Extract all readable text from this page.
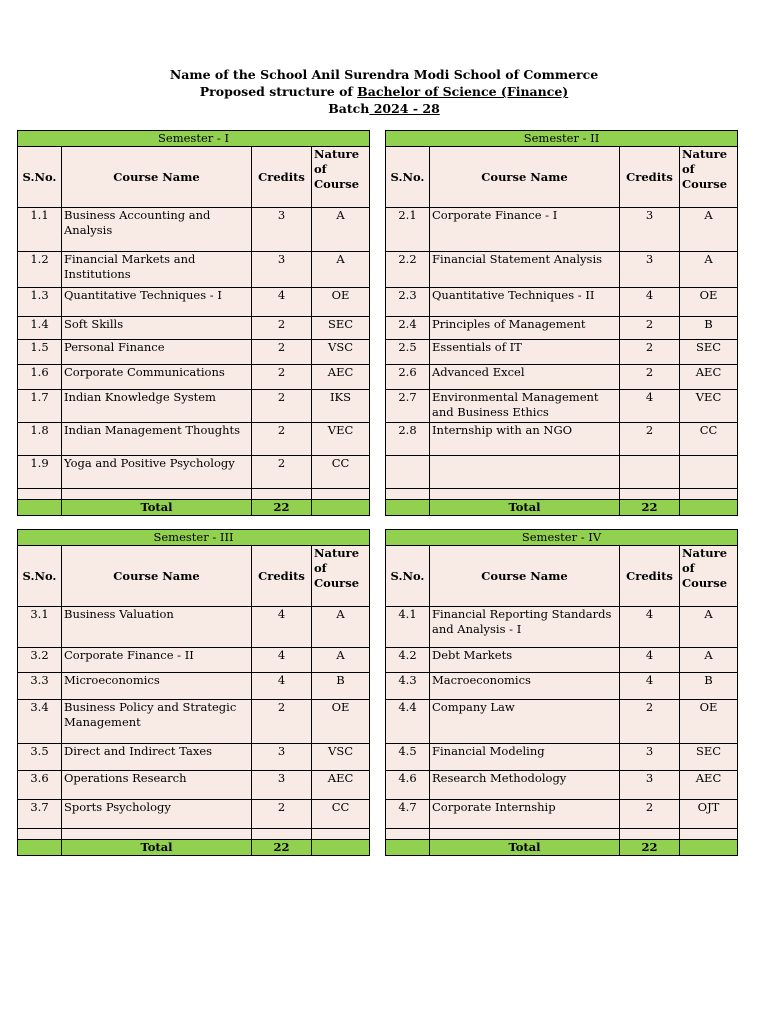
Name of the School Anil Surendra Modi School of Commerce
Proposed structure of Bachelor of Science (Finance)
Batch 2024 - 28
Semester - I			
S.No.	Course Name	Credits	Nature of Course
1.1	Business Accounting and Analysis	3	A
1.2	Financial Markets and Institutions	3	A
1.3	Quantitative Techniques - I	4	OE
1.4	Soft Skills	2	SEC
1.5	Personal Finance	2	VSC
1.6	Corporate Communications	2	AEC
1.7	Indian Knowledge System	2	IKS
1.8	Indian Management Thoughts	2	VEC
1.9	Yoga and Positive Psychology	2	CC

	Total	22	
Semester - II			
S.No.	Course Name	Credits	Nature of Course
2.1	Corporate Finance - I	3	A
2.2	Financial Statement Analysis	3	A
2.3	Quantitative Techniques - II	4	OE
2.4	Principles of Management	2	B
2.5	Essentials of IT	2	SEC
2.6	Advanced Excel	2	AEC
2.7	Environmental Management and Business Ethics	4	VEC
2.8	Internship with an NGO	2	CC

	Total	22	
Semester - III			
S.No.	Course Name	Credits	Nature of Course
3.1	Business Valuation	4	A
3.2	Corporate Finance - II	4	A
3.3	Microeconomics	4	B
3.4	Business Policy and Strategic Management	2	OE
3.5	Direct and Indirect Taxes	3	VSC
3.6	Operations Research	3	AEC
3.7	Sports Psychology	2	CC

	Total	22	
Semester - IV			
S.No.	Course Name	Credits	Nature of Course
4.1	Financial Reporting Standards and Analysis - I	4	A
4.2	Debt Markets	4	A
4.3	Macroeconomics	4	B
4.4	Company Law	2	OE
4.5	Financial Modeling	3	SEC
4.6	Research Methodology	3	AEC
4.7	Corporate Internship	2	OJT

	Total	22	
